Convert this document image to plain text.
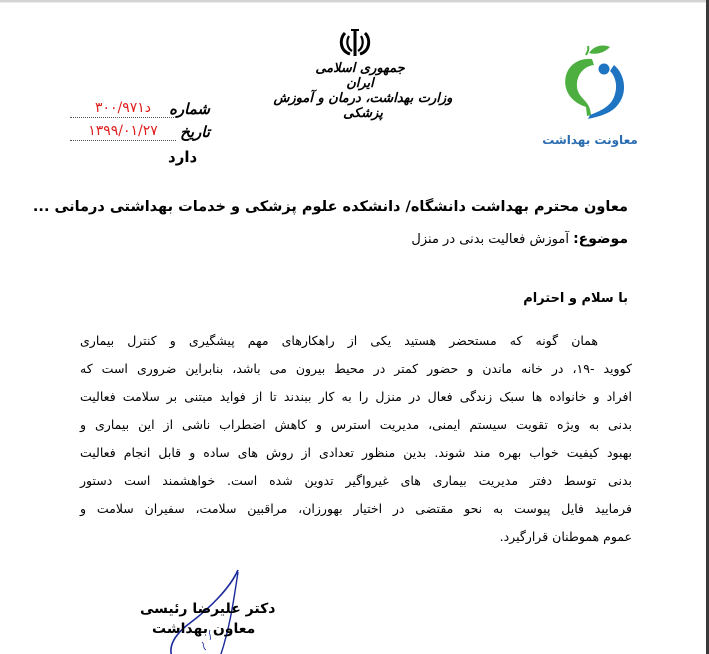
جمهوری اسلامی ایران
وزارت بهداشت، درمان و آموزش پزشکی
معاونت بهداشت
شماره
۳۰۰/۹۷۱د
تاریخ
۱۳۹۹/۰۱/۲۷
دارد
معاون محترم بهداشت دانشگاه/ دانشکده علوم پزشکی و خدمات بهداشتی درمانی ...
موضوع: آموزش فعالیت بدنی در منزل
با سلام و احترام
همان گونه که مستحضر هستید یکی از راهکارهای مهم پیشگیری و کنترل بیماری
کووید -۱۹، در خانه ماندن و حضور کمتر در محیط بیرون می باشد، بنابراین ضروری است که
افراد و خانواده ها سبک زندگی فعال در منزل را به کار ببندند تا از فواید مبتنی بر سلامت فعالیت
بدنی به ویژه تقویت سیستم ایمنی، مدیریت استرس و کاهش اضطراب ناشی از این بیماری و
بهبود کیفیت خواب بهره مند شوند. بدین منظور تعدادی از روش های ساده و قابل انجام فعالیت
بدنی توسط دفتر مدیریت بیماری های غیرواگیر تدوین شده است. خواهشمند است دستور
فرمایید فایل پیوست به نحو مقتضی در اختیار بهورزان، مراقبین سلامت، سفیران سلامت و
عموم هموطنان قرارگیرد.
دکتر علیرضا رئیسی
معاون بهداشت
